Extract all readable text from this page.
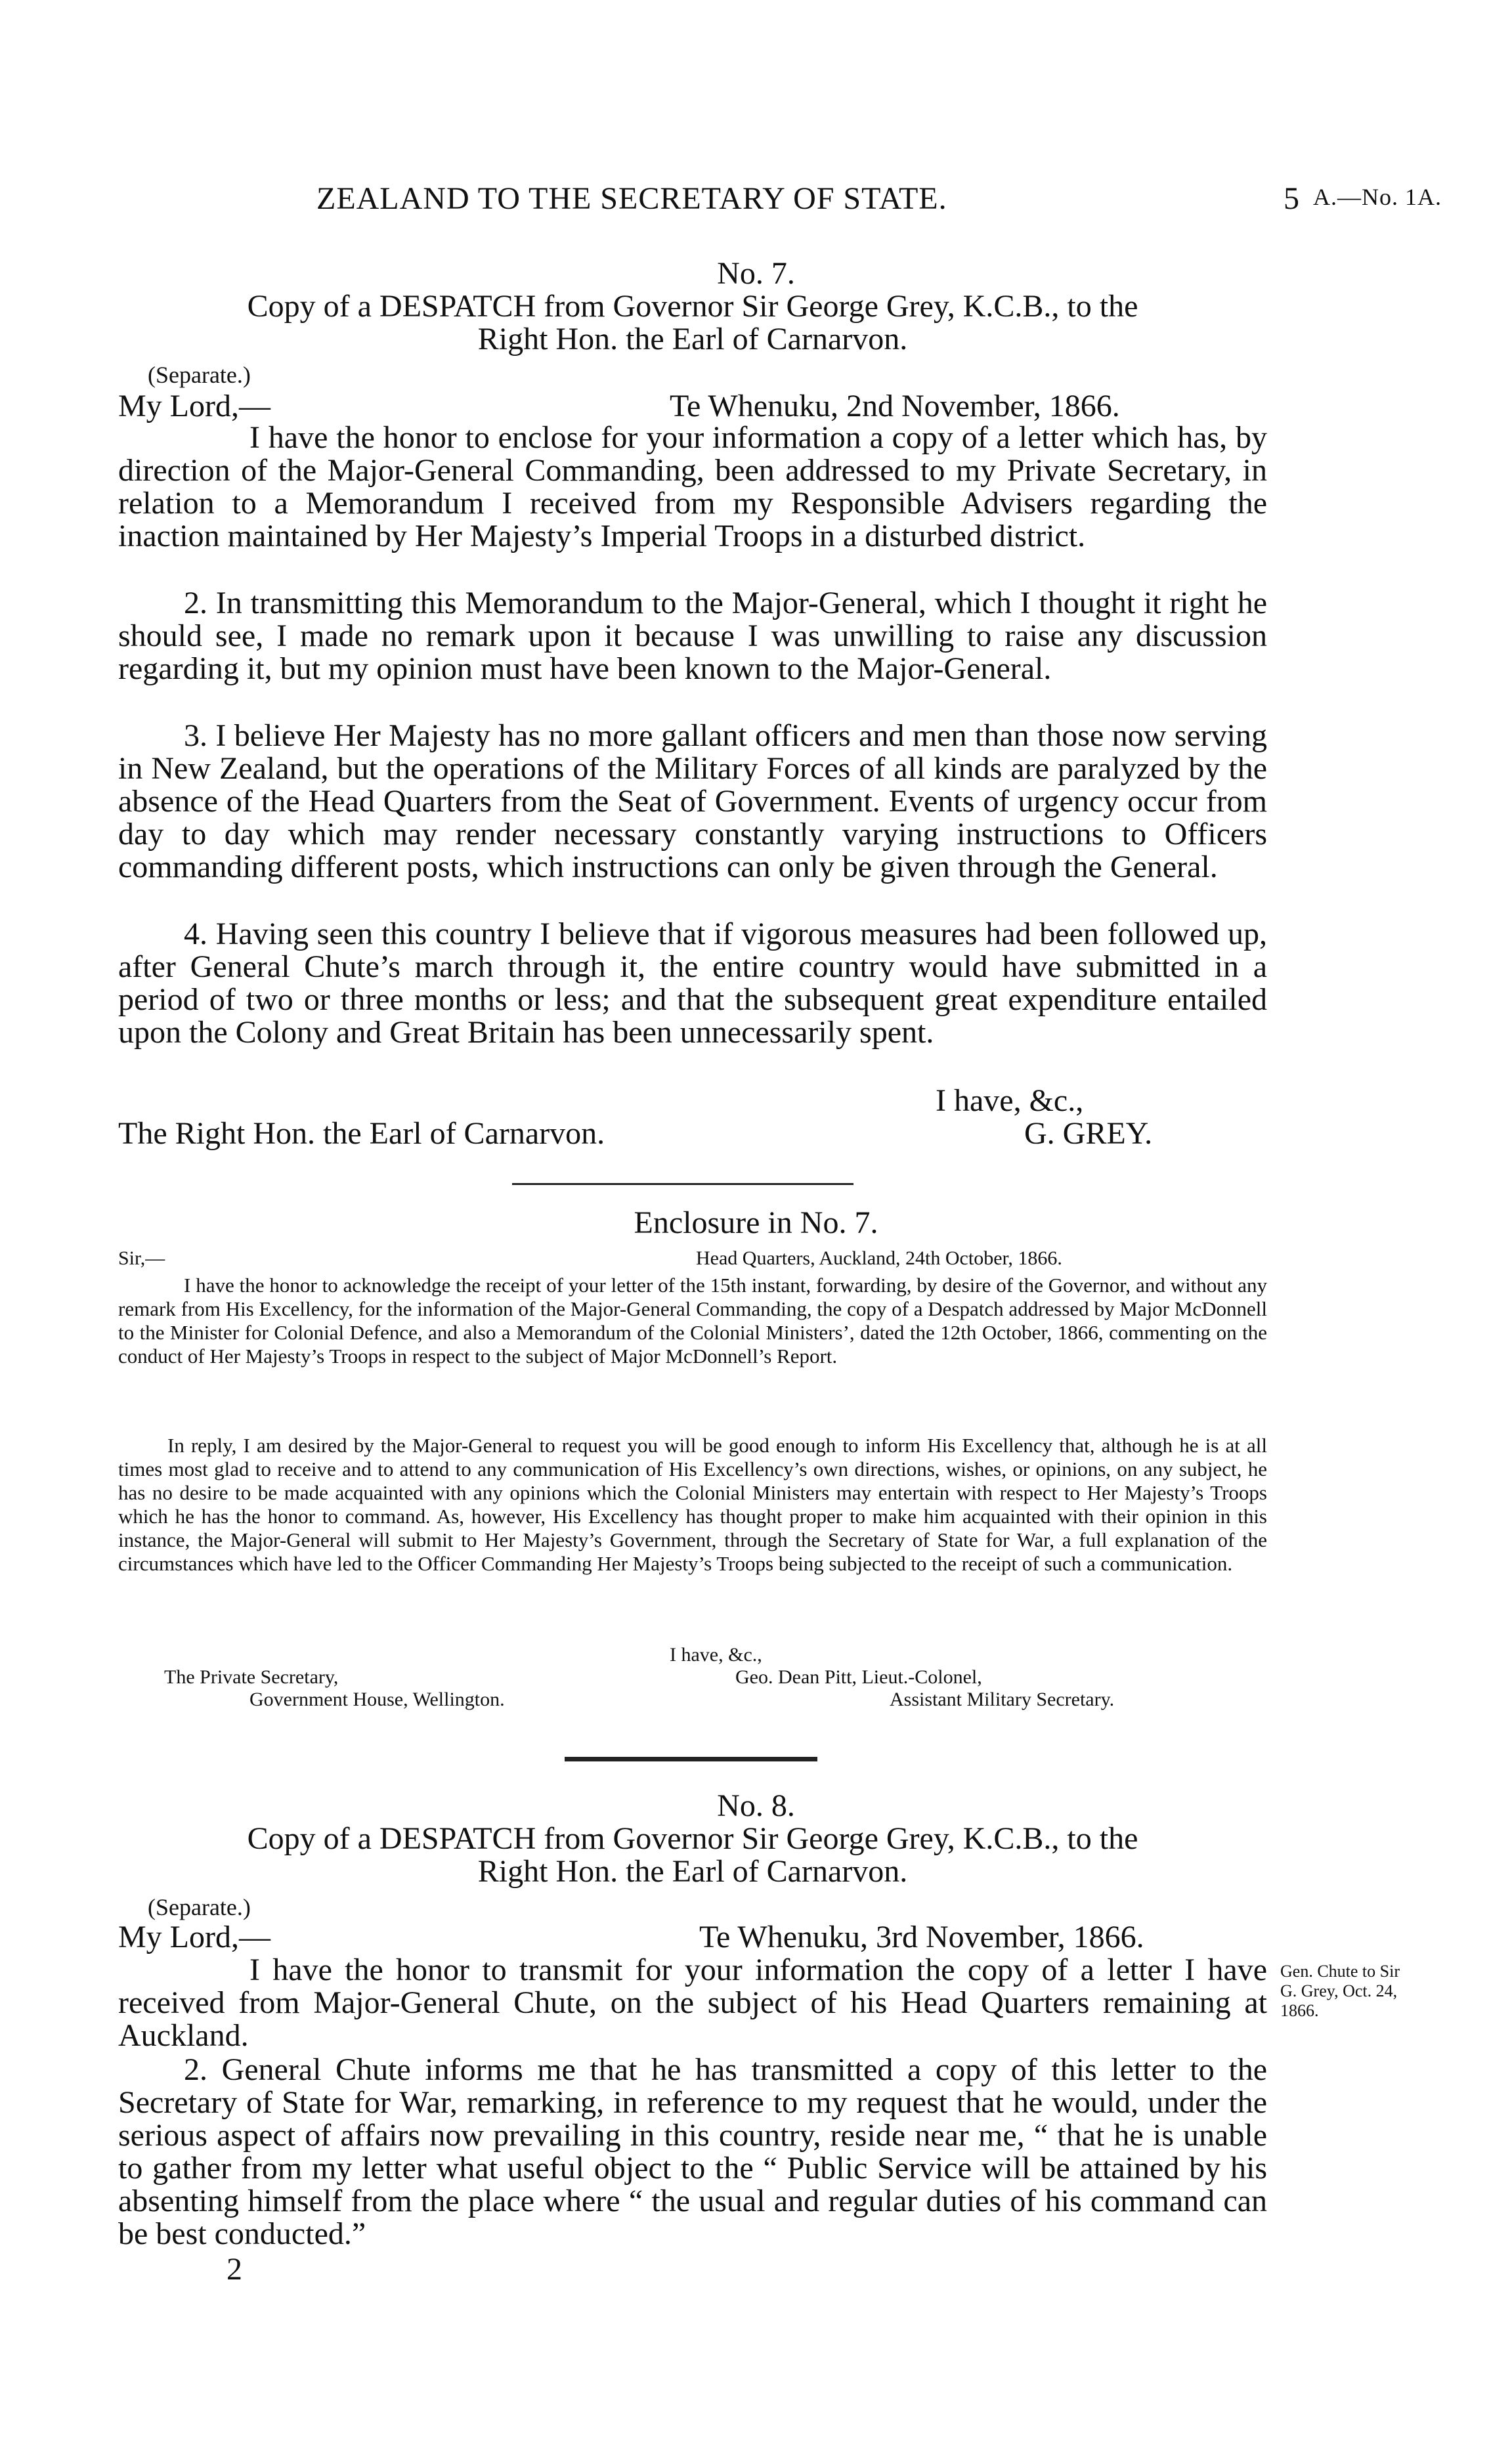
ZEALAND TO THE SECRETARY OF STATE.	5 A.—No. 1A.
No. 7.
Copy of a DESPATCH from Governor Sir George Grey, K.C.B., to the
Right Hon. the Earl of Carnarvon.
(Separate.)
My Lord,—	Te Whenuku, 2nd November, 1866.
I have the honor to enclose for your information a copy of a letter which has, by direction of the Major-General Commanding, been addressed to my Private Secretary, in relation to a Memorandum I received from my Responsible Advisers regarding the inaction maintained by Her Majesty’s Imperial Troops in a disturbed district.
2. In transmitting this Memorandum to the Major-General, which I thought it right he should see, I made no remark upon it because I was unwilling to raise any discussion regarding it, but my opinion must have been known to the Major-General.
3. I believe Her Majesty has no more gallant officers and men than those now serving in New Zealand, but the operations of the Military Forces of all kinds are paralyzed by the absence of the Head Quarters from the Seat of Government. Events of urgency occur from day to day which may render necessary constantly varying instructions to Officers commanding different posts, which instructions can only be given through the General.
4. Having seen this country I believe that if vigorous measures had been followed up, after General Chute’s march through it, the entire country would have submitted in a period of two or three months or less; and that the subsequent great expenditure entailed upon the Colony and Great Britain has been unnecessarily spent.
I have, &c.,
The Right Hon. the Earl of Carnarvon.	G. GREY.
Enclosure in No. 7.
Sir,—	Head Quarters, Auckland, 24th October, 1866.
I have the honor to acknowledge the receipt of your letter of the 15th instant, forwarding, by desire of the Governor, and without any remark from His Excellency, for the information of the Major-General Commanding, the copy of a Despatch addressed by Major McDonnell to the Minister for Colonial Defence, and also a Memorandum of the Colonial Ministers’, dated the 12th October, 1866, commenting on the conduct of Her Majesty’s Troops in respect to the subject of Major McDonnell’s Report.
In reply, I am desired by the Major-General to request you will be good enough to inform His Excellency that, although he is at all times most glad to receive and to attend to any communication of His Excellency’s own directions, wishes, or opinions, on any subject, he has no desire to be made acquainted with any opinions which the Colonial Ministers may entertain with respect to Her Majesty’s Troops which he has the honor to command. As, however, His Excellency has thought proper to make him acquainted with their opinion in this instance, the Major-General will submit to Her Majesty’s Government, through the Secretary of State for War, a full explanation of the circumstances which have led to the Officer Commanding Her Majesty’s Troops being subjected to the receipt of such a communication.
I have, &c.,
The Private Secretary,
Government House, Wellington.
Geo. Dean Pitt, Lieut.-Colonel,
Assistant Military Secretary.
No. 8.
Copy of a DESPATCH from Governor Sir George Grey, K.C.B., to the
Right Hon. the Earl of Carnarvon.
(Separate.)
My Lord,—	Te Whenuku, 3rd November, 1866.
I have the honor to transmit for your information the copy of a letter I have received from Major-General Chute, on the subject of his Head Quarters remaining at Auckland.
2. General Chute informs me that he has transmitted a copy of this letter to the Secretary of State for War, remarking, in reference to my request that he would, under the serious aspect of affairs now prevailing in this country, reside near me, “ that he is unable to gather from my letter what useful object to the “ Public Service will be attained by his absenting himself from the place where “ the usual and regular duties of his command can be best conducted.”
Gen. Chute to Sir
G. Grey, Oct. 24,
1866.
2
